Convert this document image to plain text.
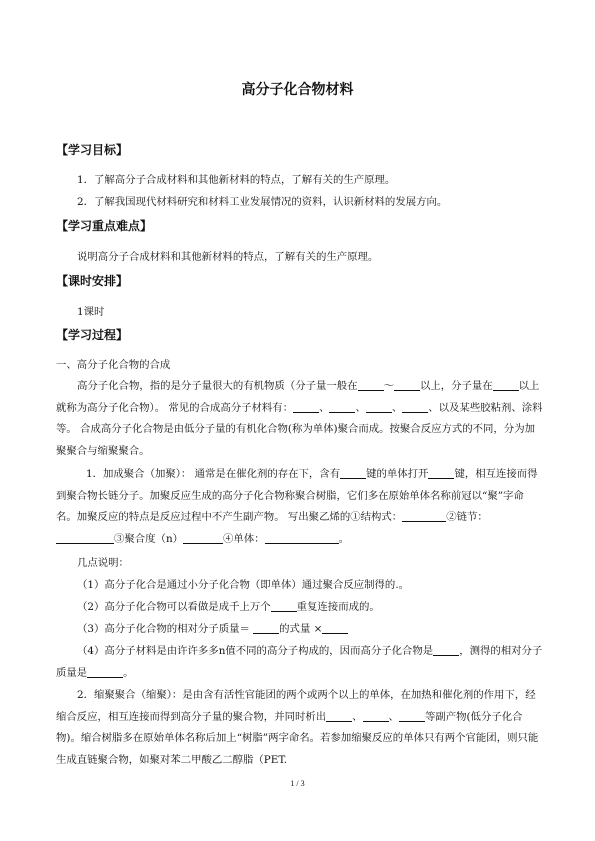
高分子化合物材料
【学习目标】
1．了解高分子合成材料和其他新材料的特点，了解有关的生产原理。
2．了解我国现代材料研究和材料工业发展情况的资料，认识新材料的发展方向。
【学习重点难点】
说明高分子合成材料和其他新材料的特点，了解有关的生产原理。
【课时安排】
1课时
【学习过程】
一、高分子化合物的合成
高分子化合物，指的是分子量很大的有机物质（分子量一般在	～	以上，分子量在	以上就称为高分子化合物）。 常见的合成高分子材料有：	、	、	、	、以及某些胶粘剂、涂料等。 合成高分子化合物是由低分子量的有机化合物(称为单体)聚合而成。按聚合反应方式的不同，分为加聚聚合与缩聚聚合。
1．加成聚合（加聚）： 通常是在催化剂的存在下，含有	键的单体打开	键，相互连接而得到聚合物长链分子。加聚反应生成的高分子化合物称聚合树脂，它们多在原始单体名称前冠以“聚”字命名。加聚反应的特点是反应过程中不产生副产物。 写出聚乙烯的①结构式：	②链节：③聚合度（n）	④单体：	。
几点说明：
（1）高分子化合是通过小分子化合物（即单体）通过聚合反应制得的.。
（2）高分子化合物可以看做是成千上万个	重复连接而成的。
（3）高分子化合物的相对分子质量＝	的式量 ×
（4）高分子材料是由许许多多n值不同的高分子构成的，因而高分子化合物是	，测得的相对分子质量是	。
2．缩聚聚合（缩聚）：是由含有活性官能团的两个或两个以上的单体，在加热和催化剂的作用下，经缩合反应，相互连接而得到高分子量的聚合物，并同时析出	、	、	等副产物(低分子化合物)。缩合树脂多在原始单体名称后加上“树脂”两字命名。若参加缩聚反应的单体只有两个官能团，则只能生成直链聚合物，如聚对苯二甲酸乙二醇脂（PET.
1 / 3
